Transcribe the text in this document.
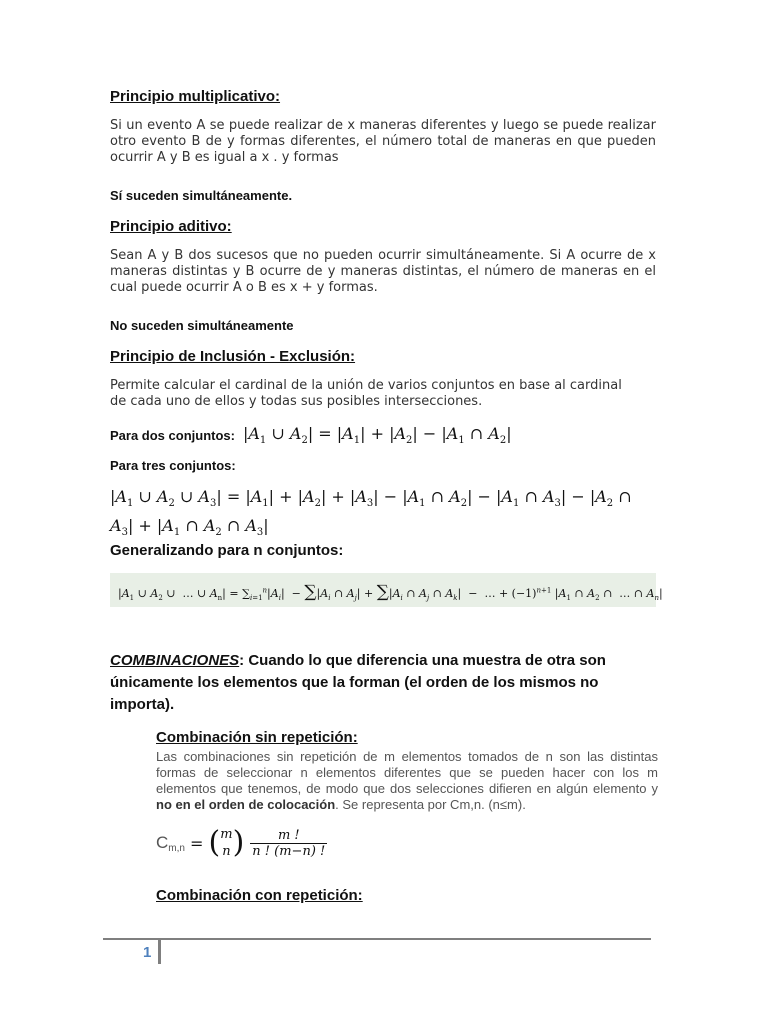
Principio multiplicativo:
Si un evento A se puede realizar de x maneras diferentes y luego se puede realizar otro evento B de y formas diferentes, el número total de maneras en que pueden ocurrir A y B es igual a x . y formas
Sí suceden simultáneamente.
Principio aditivo:
Sean A y B dos sucesos que no pueden ocurrir simultáneamente. Si A ocurre de x maneras distintas y B ocurre de y maneras distintas, el número de maneras en el cual puede ocurrir A o B es x + y formas.
No suceden simultáneamente
Principio de Inclusión - Exclusión:
Permite calcular el cardinal de la unión de varios conjuntos en base al cardinal de cada uno de ellos y todas sus posibles intersecciones.
Para dos conjuntos: $|A_1$ ∪ $A_2| = |A_1| + |A_2| - |A_1$ ∩ $A_2|$
Para tres conjuntos:
$|A_1$ ∪ $A_2$ ∪ $A_3| = |A_1| + |A_2| + |A_3| - |A_1$ ∩ $A_2| - |A_1$ ∩ $A_3| - |A_2$ ∩ $A_3| + |A_1$ ∩ $A_2$ ∩ $A_3|$
Generalizando para n conjuntos:
$|A_1$ ∪ $A_2$ ∪  … ∪ $A_n| = \sum_{i=1}^n|A_i| - \sum|A_i$ ∩ $A_j| + \sum|A_i$ ∩ $A_j$ ∩ $A_k|$  −  … + $(-1)^{n+1}$ $|A_1$ ∩ $A_2$ ∩  … ∩ $A_n|$
COMBINACIONES: Cuando lo que diferencia una muestra de otra son únicamente los elementos que la forman (el orden de los mismos no importa).
Combinación sin repetición:
Las combinaciones sin repetición de m elementos tomados de n son las distintas formas de seleccionar n elementos diferentes que se pueden hacer con los m elementos que tenemos, de modo que dos selecciones difieren en algún elemento y no en el orden de colocación. Se representa por Cm,n. (n≤m).
$C_{m,n}$ = ( m
n ) $\frac{m !}{n ! (m-n) !}$
Combinación con repetición:
1
